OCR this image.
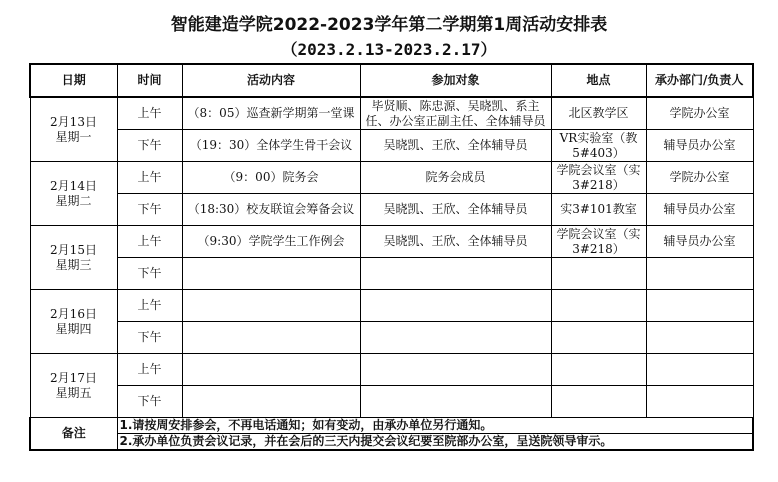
智能建造学院2022-2023学年第二学期第1周活动安排表
（2023.2.13-2023.2.17）
日期	时间	活动内容	参加对象	地点	承办部门/负责人

2月13日
星期一	上午	（8：05）巡查新学期第一堂课	毕贤顺、陈忠源、吴晓凯、系主任、办公室正副主任、全体辅导员	北区教学区	学院办公室
	下午	（19：30）全体学生骨干会议	吴晓凯、王欣、全体辅导员	VR实验室（教5#403）	辅导员办公室

2月14日
星期二	上午	（9：00）院务会	院务会成员	学院会议室（实3#218）	学院办公室
	下午	（18:30）校友联谊会筹备会议	吴晓凯、王欣、全体辅导员	实3#101教室	辅导员办公室

2月15日
星期三	上午	（9:30）学院学生工作例会	吴晓凯、王欣、全体辅导员	学院会议室（实3#218）	辅导员办公室
	下午				

2月16日
星期四	上午				
	下午				

2月17日
星期五	上午				
	下午				
备注	1.请按周安排参会，不再电话通知；如有变动，由承办单位另行通知。				
	2.承办单位负责会议记录，并在会后的三天内提交会议纪要至院部办公室，呈送院领导审示。				
